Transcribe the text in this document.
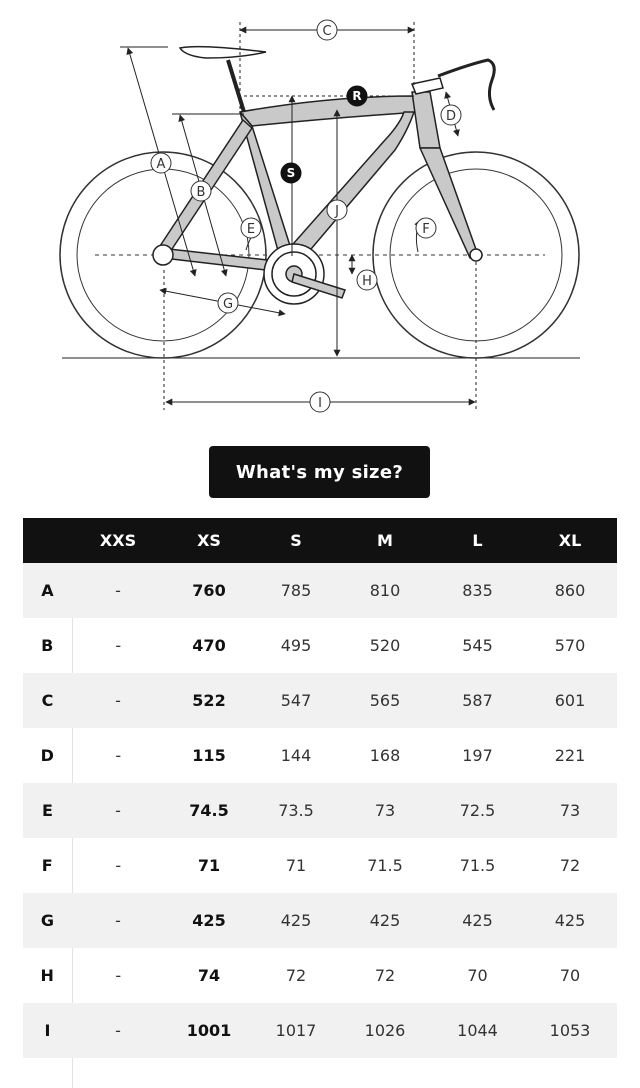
C
A
B
D
E	F
G
H
I
J
R
S
What's my size?
	XXS	XS	S	M	L	XL
A	-	760	785	810	835	860
B	-	470	495	520	545	570
C	-	522	547	565	587	601
D	-	115	144	168	197	221
E	-	74.5	73.5	73	72.5	73
F	-	71	71	71.5	71.5	72
G	-	425	425	425	425	425
H	-	74	72	72	70	70
I	-	1001	1017	1026	1044	1053
